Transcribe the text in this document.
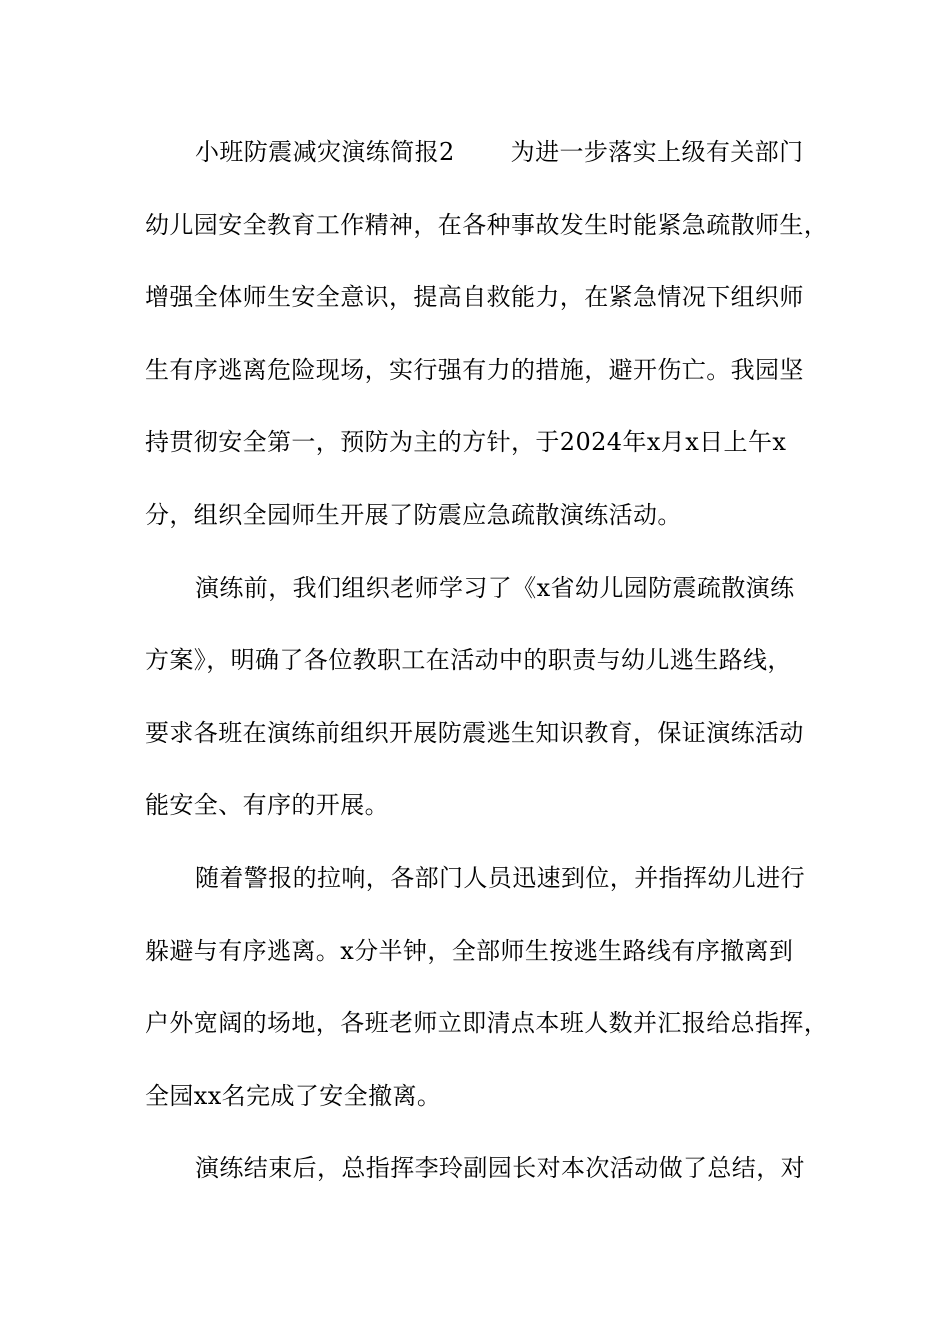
小班防震减灾演练简报2 为进一步落实上级有关部门
幼儿园安全教育工作精神，在各种事故发生时能紧急疏散师生，
增强全体师生安全意识，提高自救能力，在紧急情况下组织师
生有序逃离危险现场，实行强有力的措施，避开伤亡。我园坚
持贯彻安全第一，预防为主的方针，于2024年x月x日上午x
分，组织全园师生开展了防震应急疏散演练活动。
演练前，我们组织老师学习了《x省幼儿园防震疏散演练
方案》，明确了各位教职工在活动中的职责与幼儿逃生路线，
要求各班在演练前组织开展防震逃生知识教育，保证演练活动
能安全、有序的开展。
随着警报的拉响，各部门人员迅速到位，并指挥幼儿进行
躲避与有序逃离。x分半钟，全部师生按逃生路线有序撤离到
户外宽阔的场地，各班老师立即清点本班人数并汇报给总指挥，
全园xx名完成了安全撤离。
演练结束后，总指挥李玲副园长对本次活动做了总结，对
